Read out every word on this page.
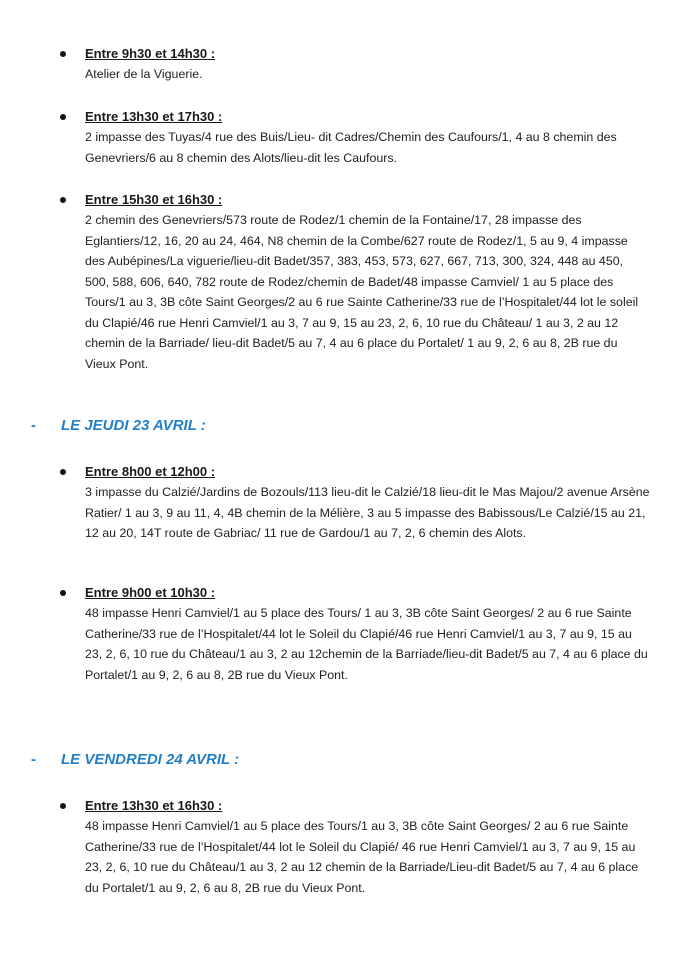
Entre 9h30 et 14h30 :
Atelier de la Viguerie.
Entre 13h30 et 17h30 :
2 impasse des Tuyas/4 rue des Buis/Lieu- dit Cadres/Chemin des Caufours/1, 4 au 8 chemin des Genevriers/6 au 8 chemin des Alots/lieu-dit les Caufours.
Entre 15h30 et 16h30 :
2 chemin des Genevriers/573 route de Rodez/1 chemin de la Fontaine/17, 28 impasse des Eglantiers/12, 16, 20 au 24, 464, N8 chemin de la Combe/627 route de Rodez/1, 5 au 9, 4 impasse des Aubépines/La viguerie/lieu-dit Badet/357, 383, 453, 573, 627, 667, 713, 300, 324, 448 au 450, 500, 588, 606, 640, 782 route de Rodez/chemin de Badet/48 impasse Camviel/ 1 au 5 place des Tours/1 au 3, 3B côte Saint Georges/2 au 6 rue Sainte Catherine/33 rue de l’Hospitalet/44 lot le soleil du Clapié/46 rue Henri Camviel/1 au 3, 7 au 9, 15 au 23, 2, 6, 10 rue du Château/ 1 au 3, 2 au 12 chemin de la Barriade/ lieu-dit Badet/5 au 7, 4 au 6 place du Portalet/ 1 au 9, 2, 6 au 8, 2B rue du Vieux Pont.
- LE JEUDI 23 AVRIL :
Entre 8h00 et 12h00 :
3 impasse du Calzié/Jardins de Bozouls/113 lieu-dit le Calzié/18 lieu-dit le Mas Majou/2 avenue Arsène Ratier/ 1 au 3, 9 au 11, 4, 4B chemin de la Mélière, 3 au 5 impasse des Babissous/Le Calzié/15 au 21, 12 au 20, 14T route de Gabriac/ 11 rue de Gardou/1 au 7, 2, 6 chemin des Alots.
Entre 9h00 et 10h30 :
48 impasse Henri Camviel/1 au 5 place des Tours/ 1 au 3, 3B côte Saint Georges/ 2 au 6 rue Sainte Catherine/33 rue de l’Hospitalet/44 lot le Soleil du Clapié/46 rue Henri Camviel/1 au 3, 7 au 9, 15 au 23, 2, 6, 10 rue du Château/1 au 3, 2 au 12chemin de la Barriade/lieu-dit Badet/5 au 7, 4 au 6 place du Portalet/1 au 9, 2, 6 au 8, 2B rue du Vieux Pont.
- LE VENDREDI 24 AVRIL :
Entre 13h30 et 16h30 :
48 impasse Henri Camviel/1 au 5 place des Tours/1 au 3, 3B côte Saint Georges/ 2 au 6 rue Sainte Catherine/33 rue de l’Hospitalet/44 lot le Soleil du Clapié/ 46 rue Henri Camviel/1 au 3, 7 au 9, 15 au 23, 2, 6, 10 rue du Château/1 au 3, 2 au 12 chemin de la Barriade/Lieu-dit Badet/5 au 7, 4 au 6 place du Portalet/1 au 9, 2, 6 au 8, 2B rue du Vieux Pont.
